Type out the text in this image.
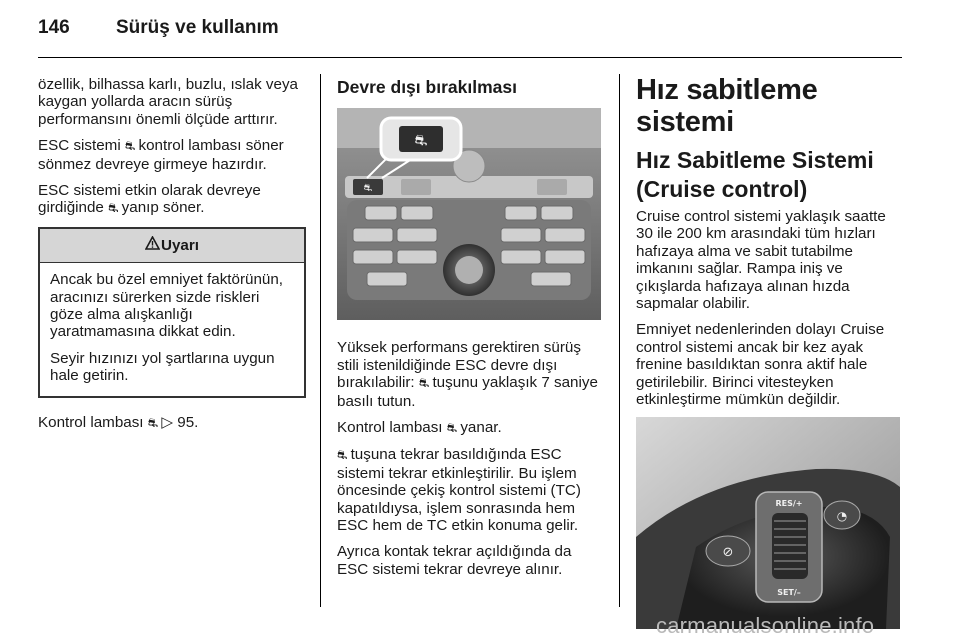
146 Sürüş ve kullanım

özellik, bilhassa karlı, buzlu, ıslak veya kaygan yollarda aracın sürüş performansını önemli ölçüde arttırır.

ESC sistemi ⛐ kontrol lambası söner sönmez devreye girmeye hazırdır.

ESC sistemi etkin olarak devreye girdiğinde ⛐ yanıp söner.

Uyarı

Ancak bu özel emniyet faktörünün, aracınızı sürerken sizde riskleri göze alma alışkanlığı yaratmamasına dikkat edin.

Seyir hızınızı yol şartlarına uygun hale getirin.

Kontrol lambası ⛐ ▷ 95.

Devre dışı bırakılması
⛐
⛐

Yüksek performans gerektiren sürüş stili istenildiğinde ESC devre dışı bırakılabilir: ⛐ tuşunu yaklaşık 7 saniye basılı tutun.

Kontrol lambası ⛐ yanar.

⛐ tuşuna tekrar basıldığında ESC sistemi tekrar etkinleştirilir. Bu işlem öncesinde çekiş kontrol sistemi (TC) kapatıldıysa, işlem sonrasında hem ESC hem de TC etkin konuma gelir.

Ayrıca kontak tekrar açıldığında da ESC sistemi tekrar devreye alınır.

Hız sabitleme sistemi
Hız Sabitleme Sistemi (Cruise control)

Cruise control sistemi yaklaşık saatte 30 ile 200 km arasındaki tüm hızları hafızaya alma ve sabit tutabilme imkanını sağlar. Rampa iniş ve çıkışlarda hafızaya alınan hızda sapmalar olabilir.

Emniyet nedenlerinden dolayı Cruise control sistemi ancak bir kez ayak frenine basıldıktan sonra aktif hale getirilebilir. Birinci vitesteyken etkinleştirme mümkün değildir.

RES/+
SET/–
⊘
◔
carmanualsonline.info
